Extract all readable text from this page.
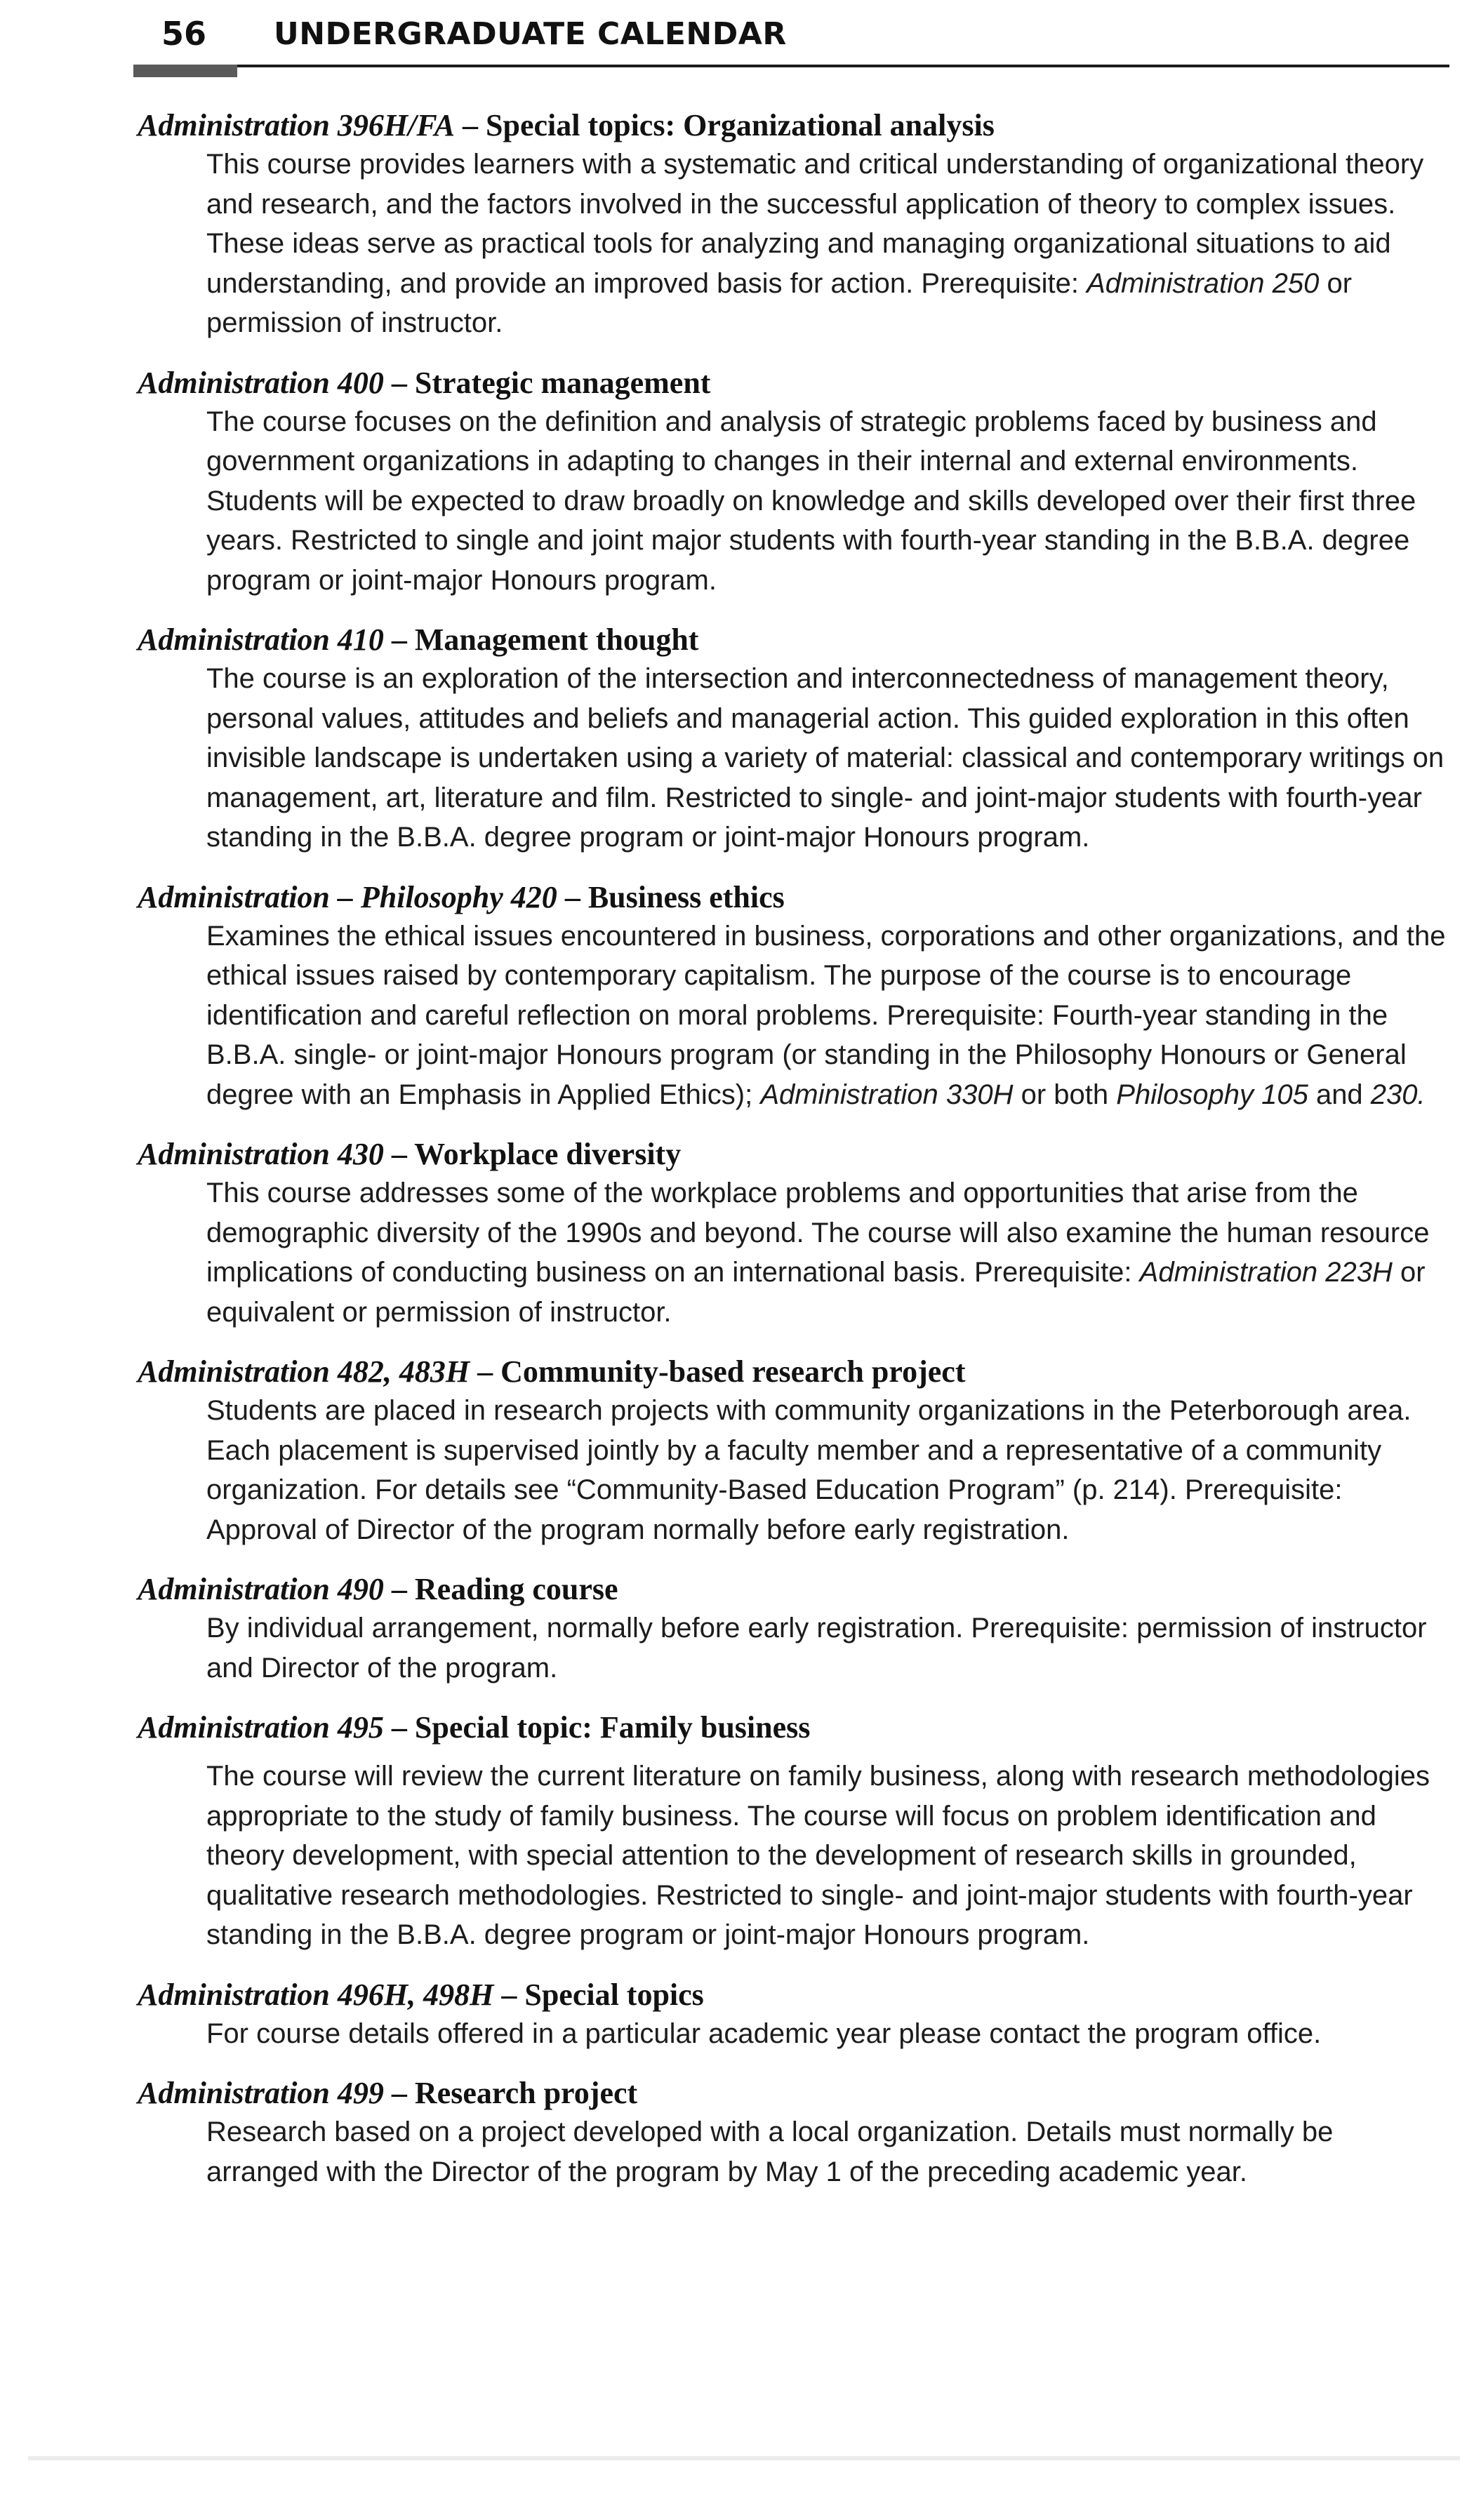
56	UNDERGRADUATE CALENDAR
Administration 396H/FA – Special topics: Organizational analysis
This course provides learners with a systematic and critical understanding of organizational theory and research, and the factors involved in the successful application of theory to complex issues. These ideas serve as practical tools for analyzing and managing organizational situations to aid understanding, and provide an improved basis for action. Prerequisite: Administration 250 or permission of instructor.
Administration 400 – Strategic management
The course focuses on the definition and analysis of strategic problems faced by business and government organizations in adapting to changes in their internal and external environments. Students will be expected to draw broadly on knowledge and skills developed over their first three years. Restricted to single and joint major students with fourth-year standing in the B.B.A. degree program or joint-major Honours program.
Administration 410 – Management thought
The course is an exploration of the intersection and interconnectedness of management theory, personal values, attitudes and beliefs and managerial action. This guided exploration in this often invisible landscape is undertaken using a variety of material: classical and contemporary writings on management, art, literature and film. Restricted to single- and joint-major students with fourth-year standing in the B.B.A. degree program or joint-major Honours program.
Administration – Philosophy 420 – Business ethics
Examines the ethical issues encountered in business, corporations and other organizations, and the ethical issues raised by contemporary capitalism. The purpose of the course is to encourage identification and careful reflection on moral problems. Prerequisite: Fourth-year standing in the B.B.A. single- or joint-major Honours program (or standing in the Philosophy Honours or General degree with an Emphasis in Applied Ethics); Administration 330H or both Philosophy 105 and 230.
Administration 430 – Workplace diversity
This course addresses some of the workplace problems and opportunities that arise from the demographic diversity of the 1990s and beyond. The course will also examine the human resource implications of conducting business on an international basis. Prerequisite: Administration 223H or equivalent or permission of instructor.
Administration 482, 483H – Community-based research project
Students are placed in research projects with community organizations in the Peterborough area. Each placement is supervised jointly by a faculty member and a representative of a community organization. For details see “Community-Based Education Program” (p. 214). Prerequisite: Approval of Director of the program normally before early registration.
Administration 490 – Reading course
By individual arrangement, normally before early registration. Prerequisite: permission of instructor and Director of the program.
Administration 495 – Special topic: Family business
The course will review the current literature on family business, along with research methodologies appropriate to the study of family business. The course will focus on problem identification and theory development, with special attention to the development of research skills in grounded, qualitative research methodologies. Restricted to single- and joint-major students with fourth-year standing in the B.B.A. degree program or joint-major Honours program.
Administration 496H, 498H – Special topics
For course details offered in a particular academic year please contact the program office.
Administration 499 – Research project
Research based on a project developed with a local organization. Details must normally be arranged with the Director of the program by May 1 of the preceding academic year.
